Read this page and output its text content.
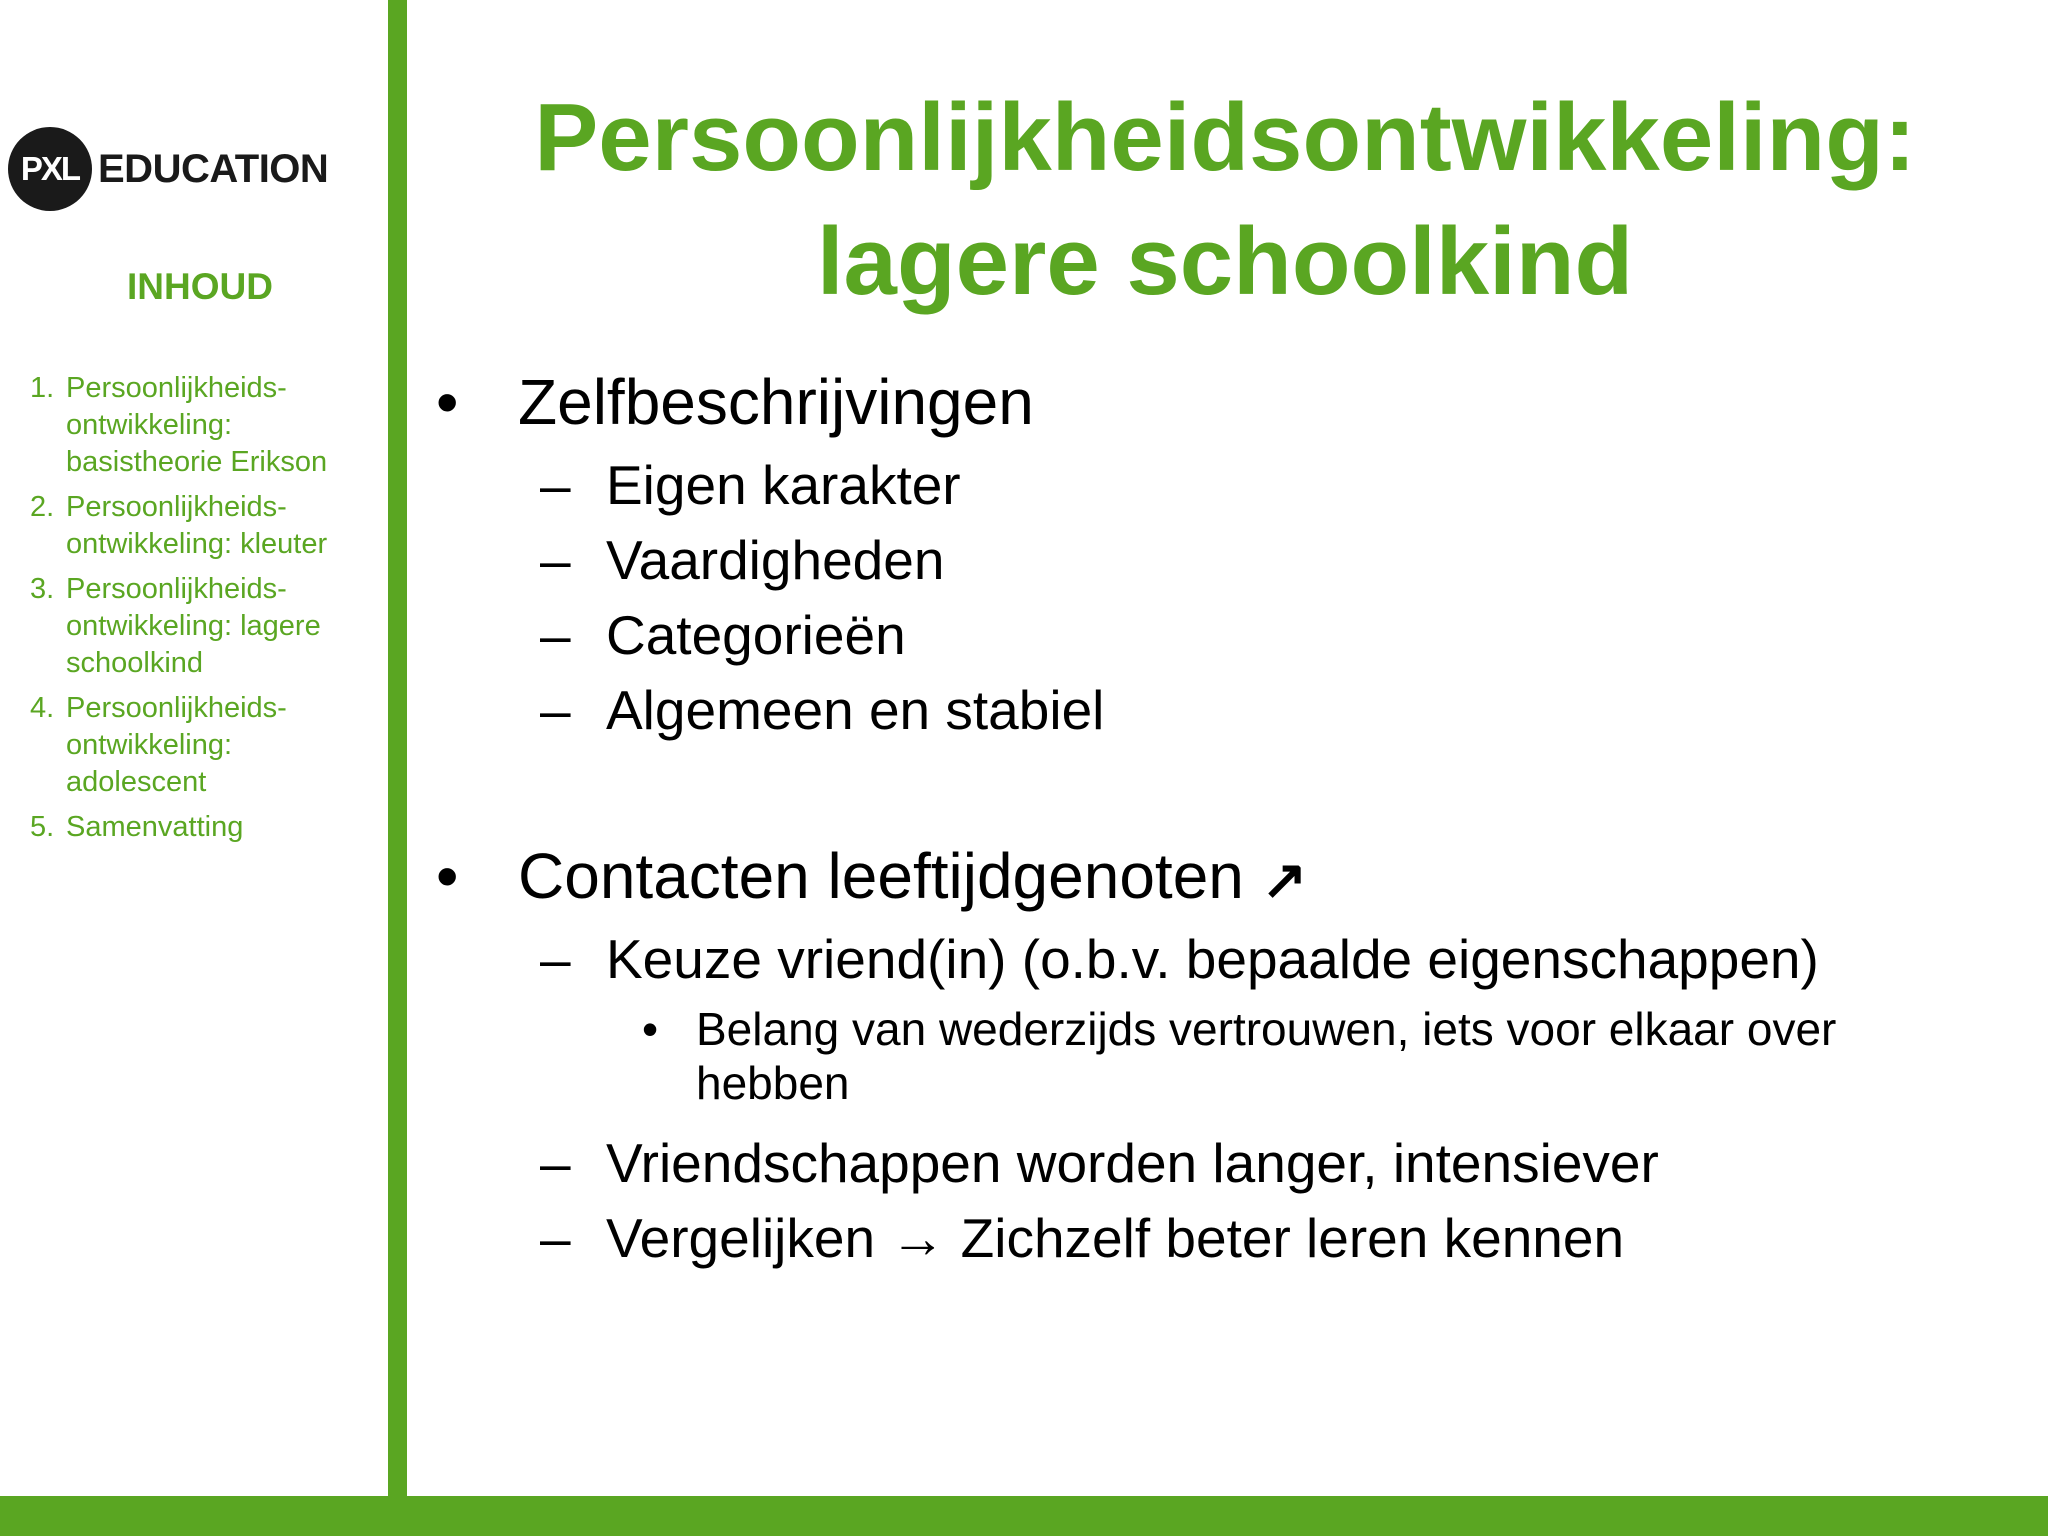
PXL EDUCATION
INHOUD
1. Persoonlijkheids-
ontwikkeling:
basistheorie Erikson
2. Persoonlijkheids-
ontwikkeling: kleuter
3. Persoonlijkheids-
ontwikkeling: lagere
schoolkind
4. Persoonlijkheids-
ontwikkeling:
adolescent
5. Samenvatting
Persoonlijkheidsontwikkeling:
lagere schoolkind
• Zelfbeschrijvingen
– Eigen karakter
– Vaardigheden
– Categorieën
– Algemeen en stabiel
• Contacten leeftijdgenoten ↗
– Keuze vriend(in) (o.b.v. bepaalde eigenschappen)
• Belang van wederzijds vertrouwen, iets voor elkaar over
hebben
– Vriendschappen worden langer, intensiever
– Vergelijken → Zichzelf beter leren kennen
